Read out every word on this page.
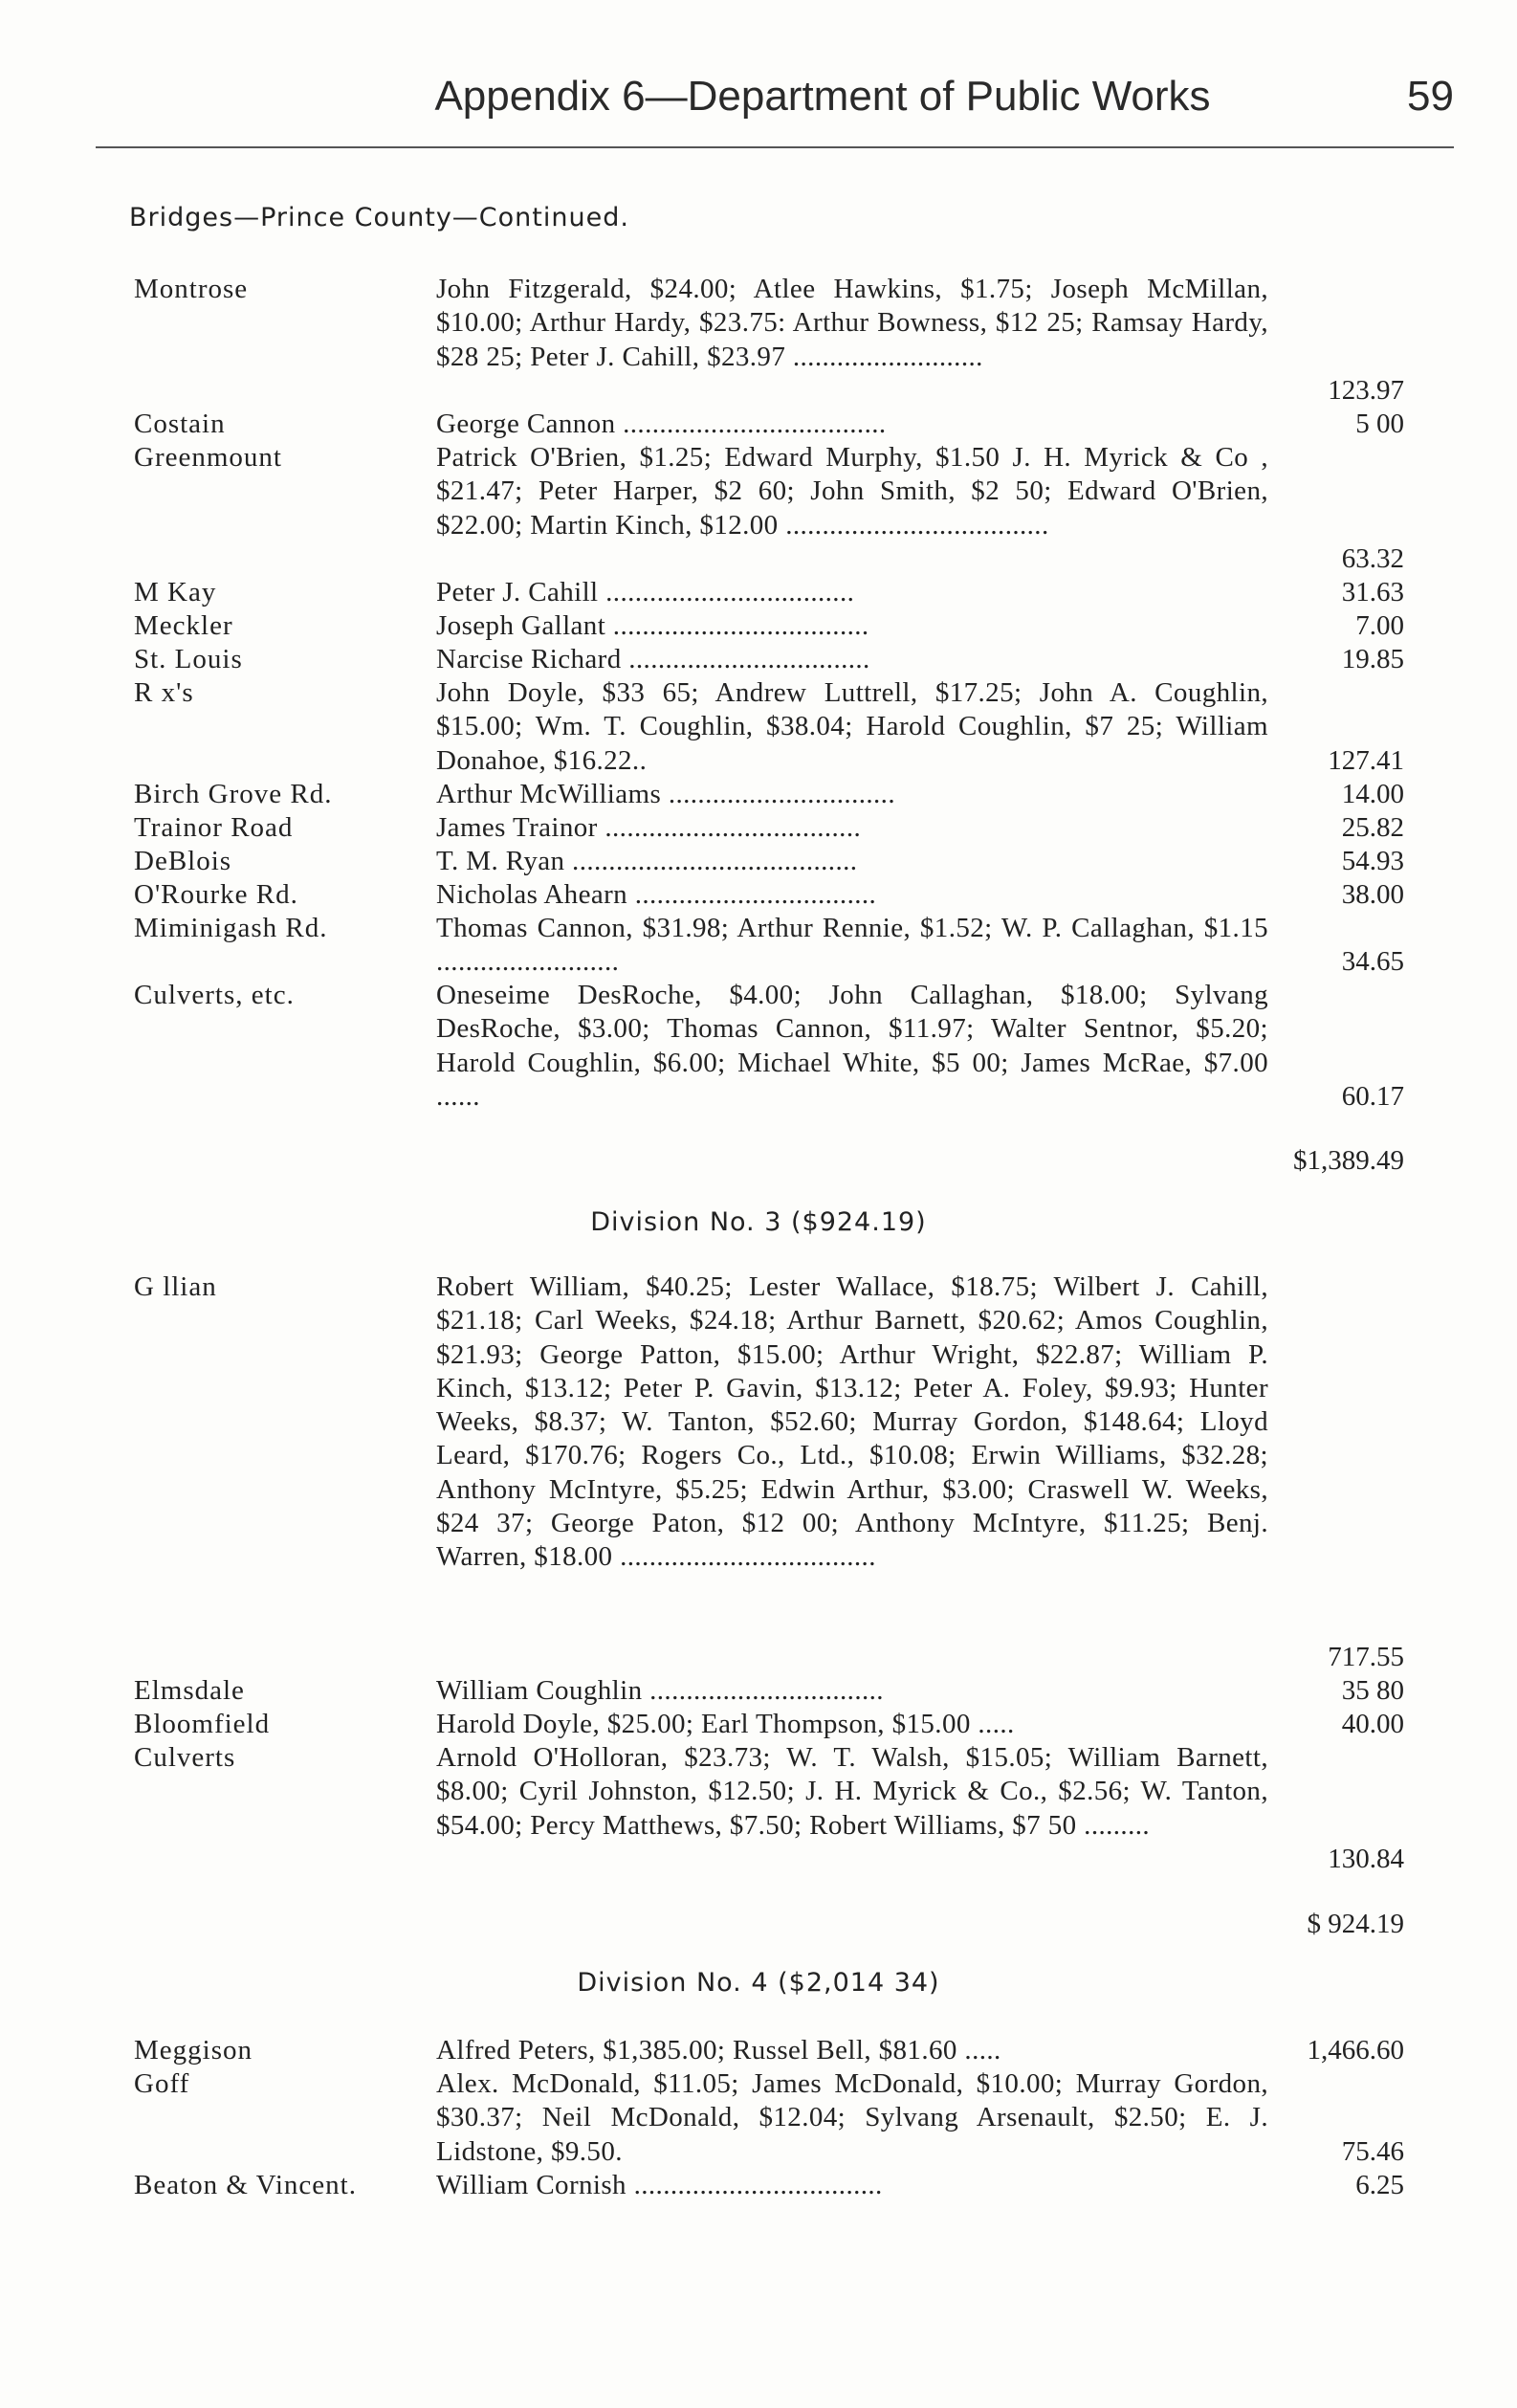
Appendix 6—Department of Public Works	59
Bridges—Prince County—Continued.
Montrose	John Fitzgerald, $24.00; Atlee Hawkins, $1.75; Joseph McMillan, $10.00; Arthur Hardy, $23.75: Arthur Bowness, $12 25; Ramsay Hardy, $28 25; Peter J. Cahill, $23.97 ..........................
123.97
Costain	George Cannon ....................................	5 00
Greenmount	Patrick O'Brien, $1.25; Edward Murphy, $1.50 J. H. Myrick & Co , $21.47; Peter Harper, $2 60; John Smith, $2 50; Edward O'Brien, $22.00; Martin Kinch, $12.00 ....................................
63.32
M Kay	Peter J. Cahill ..................................	31.63
Meckler	Joseph Gallant ...................................	7.00
St. Louis	Narcise Richard .................................	19.85
R x's	John Doyle, $33 65; Andrew Luttrell, $17.25; John A. Coughlin, $15.00; Wm. T. Coughlin, $38.04; Harold Coughlin, $7 25; William Donahoe, $16.22..	127.41
Birch Grove Rd.	Arthur McWilliams ...............................	14.00
Trainor Road	James Trainor ...................................	25.82
DeBlois	T. M. Ryan .......................................	54.93
O'Rourke Rd.	Nicholas Ahearn .................................	38.00
Miminigash Rd.	Thomas Cannon, $31.98; Arthur Rennie, $1.52; W. P. Callaghan, $1.15 .........................	34.65
Culverts, etc.	Oneseime DesRoche, $4.00; John Callaghan, $18.00; Sylvang DesRoche, $3.00; Thomas Cannon, $11.97; Walter Sentnor, $5.20; Harold Coughlin, $6.00; Michael White, $5 00; James McRae, $7.00 ......	60.17
$1,389.49
Division No. 3 ($924.19)
G llian	Robert William, $40.25; Lester Wallace, $18.75; Wilbert J. Cahill, $21.18; Carl Weeks, $24.18; Arthur Barnett, $20.62; Amos Coughlin, $21.93; George Patton, $15.00; Arthur Wright, $22.87; William P. Kinch, $13.12; Peter P. Gavin, $13.12; Peter A. Foley, $9.93; Hunter Weeks, $8.37; W. Tanton, $52.60; Murray Gordon, $148.64; Lloyd Leard, $170.76; Rogers Co., Ltd., $10.08; Erwin Williams, $32.28; Anthony McIntyre, $5.25; Edwin Arthur, $3.00; Craswell W. Weeks, $24 37; George Paton, $12 00; Anthony McIntyre, $11.25; Benj. Warren, $18.00 ...................................
717.55
Elmsdale	William Coughlin ................................	35 80
Bloomfield	Harold Doyle, $25.00; Earl Thompson, $15.00 .....	40.00
Culverts	Arnold O'Holloran, $23.73; W. T. Walsh, $15.05; William Barnett, $8.00; Cyril Johnston, $12.50; J. H. Myrick & Co., $2.56; W. Tanton, $54.00; Percy Matthews, $7.50; Robert Williams, $7 50 .........
130.84
$ 924.19
Division No. 4 ($2,014 34)
Meggison	Alfred Peters, $1,385.00; Russel Bell, $81.60 .....	1,466.60
Goff	Alex. McDonald, $11.05; James McDonald, $10.00; Murray Gordon, $30.37; Neil McDonald, $12.04; Sylvang Arsenault, $2.50; E. J. Lidstone, $9.50.	75.46
Beaton & Vincent.	William Cornish ..................................	6.25
